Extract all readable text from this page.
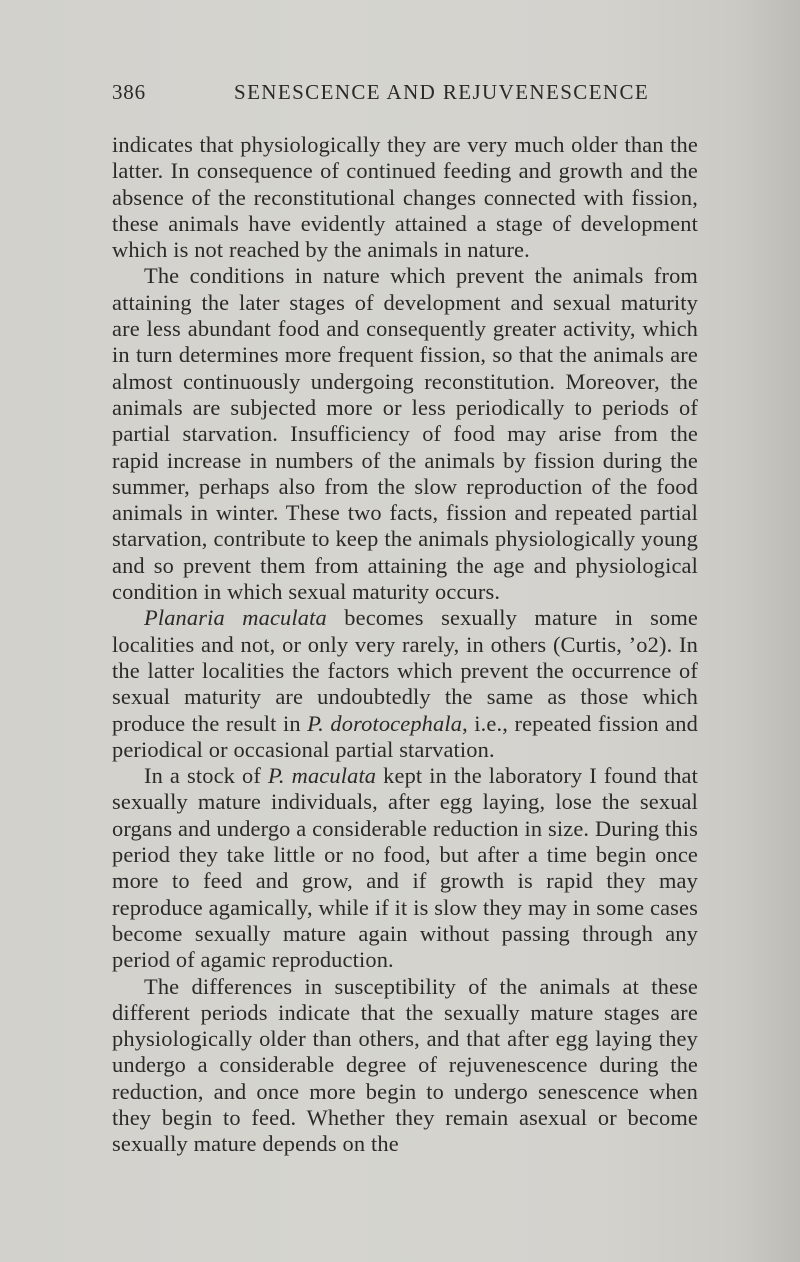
386	SENESCENCE AND REJUVENESCENCE

indicates that physiologically they are very much older than the latter. In consequence of continued feeding and growth and the absence of the reconstitutional changes connected with fission, these animals have evidently attained a stage of development which is not reached by the animals in nature.

The conditions in nature which prevent the animals from attaining the later stages of development and sexual maturity are less abundant food and consequently greater activity, which in turn determines more frequent fission, so that the animals are almost continuously undergoing reconstitution. Moreover, the animals are subjected more or less periodically to periods of partial starvation. Insufficiency of food may arise from the rapid increase in numbers of the animals by fission during the summer, perhaps also from the slow reproduction of the food animals in winter. These two facts, fission and repeated partial starvation, contribute to keep the animals physiologically young and so prevent them from attaining the age and physiological condition in which sexual maturity occurs.

Planaria maculata becomes sexually mature in some localities and not, or only very rarely, in others (Curtis, ’o2). In the latter localities the factors which prevent the occurrence of sexual maturity are undoubtedly the same as those which produce the result in P. dorotocephala, i.e., repeated fission and periodical or occasional partial starvation.

In a stock of P. maculata kept in the laboratory I found that sexually mature individuals, after egg laying, lose the sexual organs and undergo a considerable reduction in size. During this period they take little or no food, but after a time begin once more to feed and grow, and if growth is rapid they may reproduce agamically, while if it is slow they may in some cases become sexually mature again without passing through any period of agamic reproduction.

The differences in susceptibility of the animals at these different periods indicate that the sexually mature stages are physiologically older than others, and that after egg laying they undergo a considerable degree of rejuvenescence during the reduction, and once more begin to undergo senescence when they begin to feed. Whether they remain asexual or become sexually mature depends on the
